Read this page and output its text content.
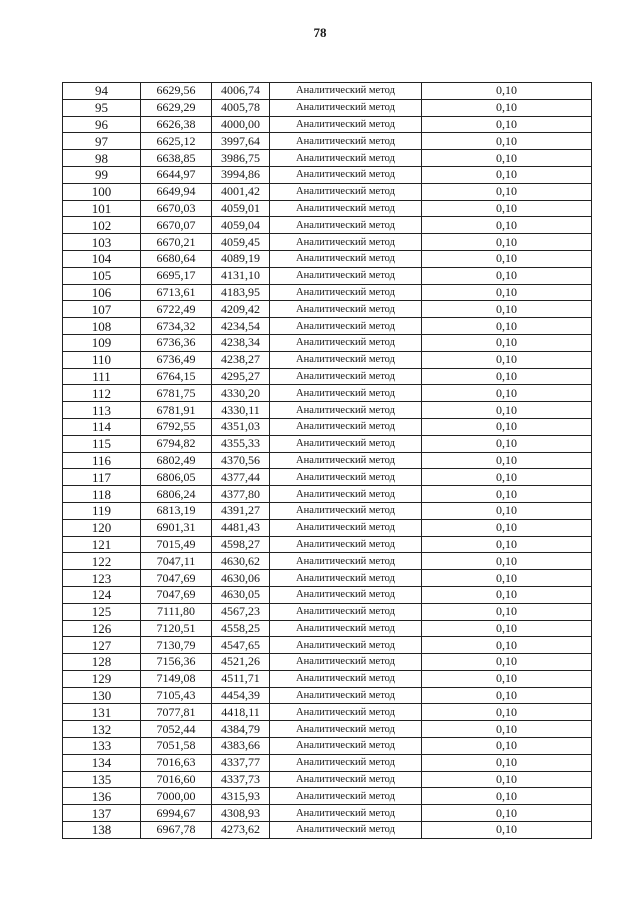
78
94	6629,56	4006,74	Аналитический метод	0,10
95	6629,29	4005,78	Аналитический метод	0,10
96	6626,38	4000,00	Аналитический метод	0,10
97	6625,12	3997,64	Аналитический метод	0,10
98	6638,85	3986,75	Аналитический метод	0,10
99	6644,97	3994,86	Аналитический метод	0,10
100	6649,94	4001,42	Аналитический метод	0,10
101	6670,03	4059,01	Аналитический метод	0,10
102	6670,07	4059,04	Аналитический метод	0,10
103	6670,21	4059,45	Аналитический метод	0,10
104	6680,64	4089,19	Аналитический метод	0,10
105	6695,17	4131,10	Аналитический метод	0,10
106	6713,61	4183,95	Аналитический метод	0,10
107	6722,49	4209,42	Аналитический метод	0,10
108	6734,32	4234,54	Аналитический метод	0,10
109	6736,36	4238,34	Аналитический метод	0,10
110	6736,49	4238,27	Аналитический метод	0,10
111	6764,15	4295,27	Аналитический метод	0,10
112	6781,75	4330,20	Аналитический метод	0,10
113	6781,91	4330,11	Аналитический метод	0,10
114	6792,55	4351,03	Аналитический метод	0,10
115	6794,82	4355,33	Аналитический метод	0,10
116	6802,49	4370,56	Аналитический метод	0,10
117	6806,05	4377,44	Аналитический метод	0,10
118	6806,24	4377,80	Аналитический метод	0,10
119	6813,19	4391,27	Аналитический метод	0,10
120	6901,31	4481,43	Аналитический метод	0,10
121	7015,49	4598,27	Аналитический метод	0,10
122	7047,11	4630,62	Аналитический метод	0,10
123	7047,69	4630,06	Аналитический метод	0,10
124	7047,69	4630,05	Аналитический метод	0,10
125	7111,80	4567,23	Аналитический метод	0,10
126	7120,51	4558,25	Аналитический метод	0,10
127	7130,79	4547,65	Аналитический метод	0,10
128	7156,36	4521,26	Аналитический метод	0,10
129	7149,08	4511,71	Аналитический метод	0,10
130	7105,43	4454,39	Аналитический метод	0,10
131	7077,81	4418,11	Аналитический метод	0,10
132	7052,44	4384,79	Аналитический метод	0,10
133	7051,58	4383,66	Аналитический метод	0,10
134	7016,63	4337,77	Аналитический метод	0,10
135	7016,60	4337,73	Аналитический метод	0,10
136	7000,00	4315,93	Аналитический метод	0,10
137	6994,67	4308,93	Аналитический метод	0,10
138	6967,78	4273,62	Аналитический метод	0,10
